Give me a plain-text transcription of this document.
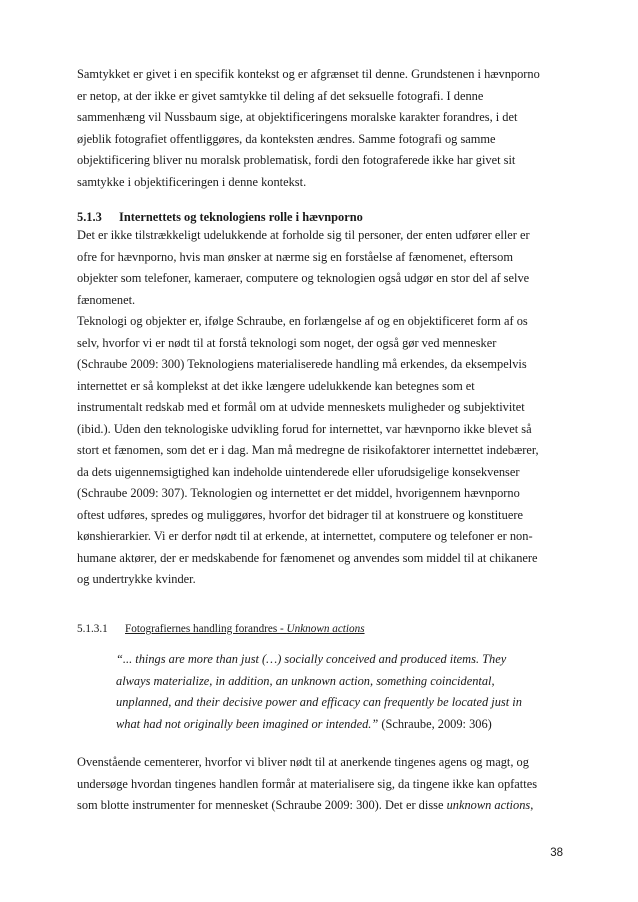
Samtykket er givet i en specifik kontekst og er afgrænset til denne. Grundstenen i hævnporno
er netop, at der ikke er givet samtykke til deling af det seksuelle fotografi. I denne
sammenhæng vil Nussbaum sige, at objektificeringens moralske karakter forandres, i det
øjeblik fotografiet offentliggøres, da konteksten ændres. Samme fotografi og samme
objektificering bliver nu moralsk problematisk, fordi den fotograferede ikke har givet sit
samtykke i objektificeringen i denne kontekst.
5.1.3 Internettets og teknologiens rolle i hævnporno
Det er ikke tilstrækkeligt udelukkende at forholde sig til personer, der enten udfører eller er
ofre for hævnporno, hvis man ønsker at nærme sig en forståelse af fænomenet, eftersom
objekter som telefoner, kameraer, computere og teknologien også udgør en stor del af selve
fænomenet.
Teknologi og objekter er, ifølge Schraube, en forlængelse af og en objektificeret form af os
selv, hvorfor vi er nødt til at forstå teknologi som noget, der også gør ved mennesker
(Schraube 2009: 300) Teknologiens materialiserede handling må erkendes, da eksempelvis
internettet er så komplekst at det ikke længere udelukkende kan betegnes som et
instrumentalt redskab med et formål om at udvide menneskets muligheder og subjektivitet
(ibid.). Uden den teknologiske udvikling forud for internettet, var hævnporno ikke blevet så
stort et fænomen, som det er i dag. Man må medregne de risikofaktorer internettet indebærer,
da dets uigennemsigtighed kan indeholde uintenderede eller uforudsigelige konsekvenser
(Schraube 2009: 307). Teknologien og internettet er det middel, hvorigennem hævnporno
oftest udføres, spredes og muliggøres, hvorfor det bidrager til at konstruere og konstituere
kønshierarkier. Vi er derfor nødt til at erkende, at internettet, computere og telefoner er non-
humane aktører, der er medskabende for fænomenet og anvendes som middel til at chikanere
og undertrykke kvinder.
5.1.3.1 Fotografiernes handling forandres - Unknown actions
“... things are more than just (…) socially conceived and produced items. They
always materialize, in addition, an unknown action, something coincidental,
unplanned, and their decisive power and efficacy can frequently be located just in
what had not originally been imagined or intended.” (Schraube, 2009: 306)
Ovenstående cementerer, hvorfor vi bliver nødt til at anerkende tingenes agens og magt, og
undersøge hvordan tingenes handlen formår at materialisere sig, da tingene ikke kan opfattes
som blotte instrumenter for mennesket (Schraube 2009: 300). Det er disse unknown actions,
38
